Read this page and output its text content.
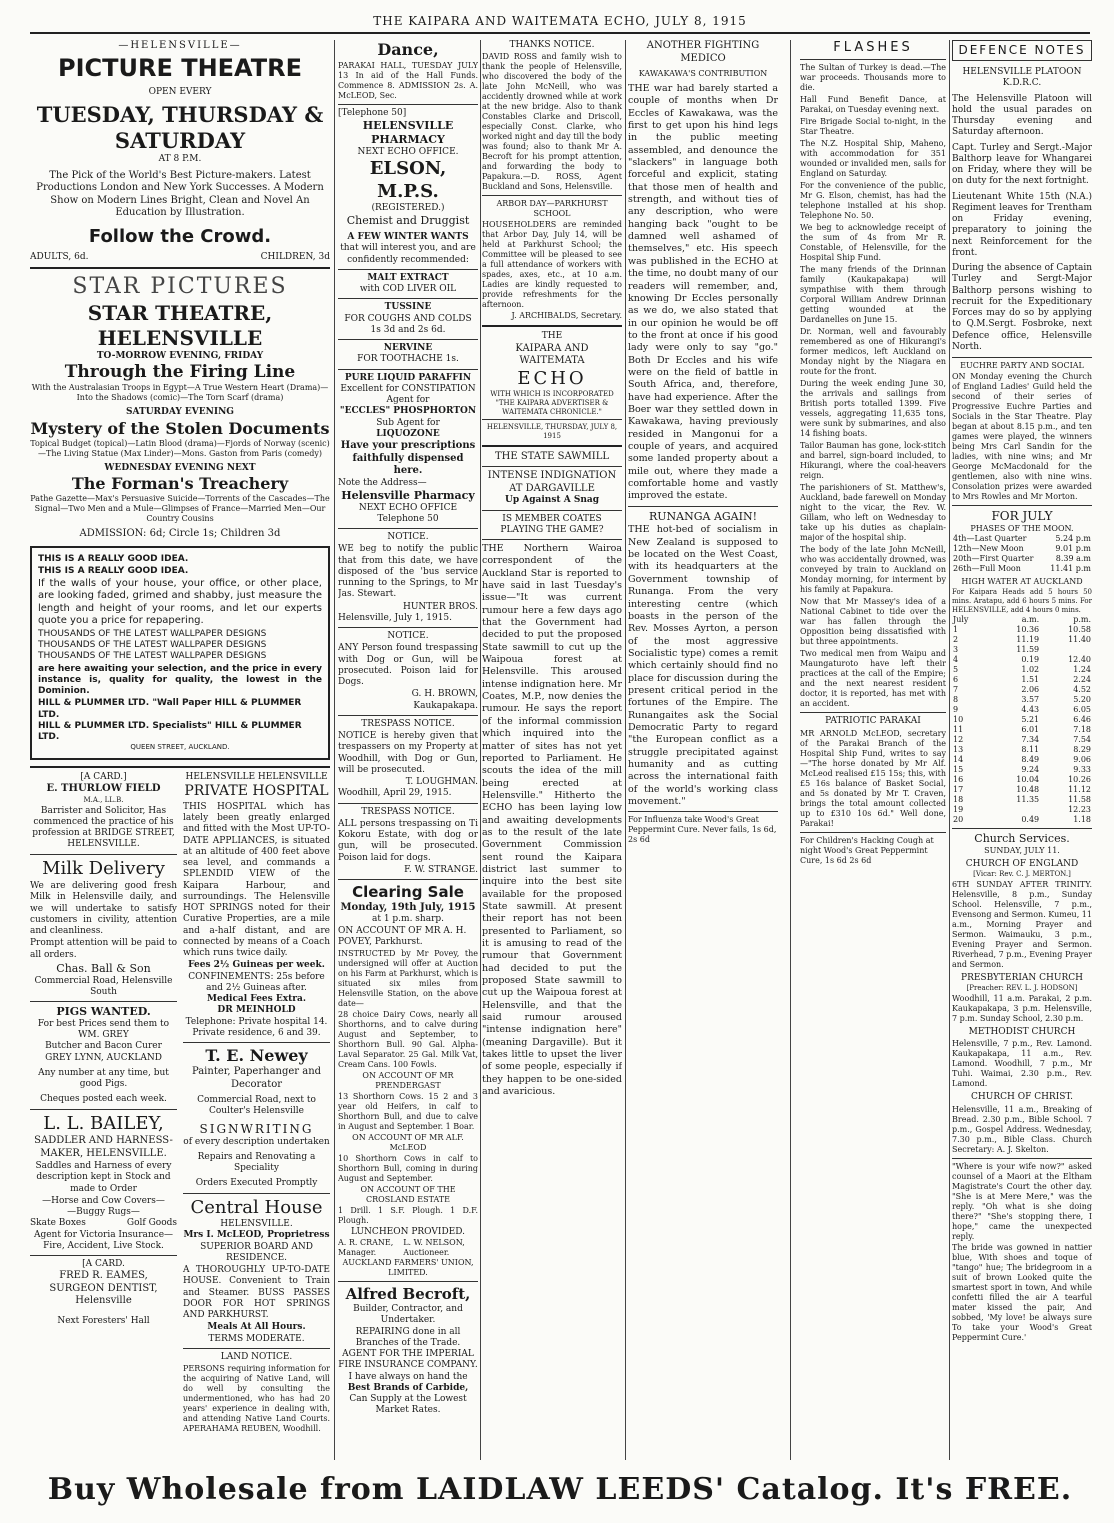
THE KAIPARA AND WAITEMATA ECHO, JULY 8, 1915
—HELENSVILLE—
PICTURE THEATRE
OPEN EVERY
TUESDAY, THURSDAY & SATURDAY
AT 8 P.M.

The Pick of the World's Best Picture-makers. Latest Productions London and New York Successes. A Modern Show on Modern Lines Bright, Clean and Novel An Education by Illustration.

Follow the Crowd.
ADULTS, 6d.	CHILDREN, 3d
STAR PICTURES
STAR THEATRE, HELENSVILLE
TO-MORROW EVENING, FRIDAY
Through the Firing Line
With the Australasian Troops in Egypt—A True Western Heart (Drama)—Into the Shadows (comic)—The Torn Scarf (drama)
SATURDAY EVENING
Mystery of the Stolen Documents
Topical Budget (topical)—Latin Blood (drama)—Fjords of Norway (scenic)—The Living Statue (Max Linder)—Mons. Gaston from Paris (comedy)
WEDNESDAY EVENING NEXT
The Forman's Treachery
Pathe Gazette—Max's Persuasive Suicide—Torrents of the Cascades—The Signal—Two Men and a Mule—Glimpses of France—Married Men—Our Country Cousins
ADMISSION: 6d; Circle 1s; Children 3d
THIS IS A REALLY GOOD IDEA.
THIS IS A REALLY GOOD IDEA.

If the walls of your house, your office, or other place, are looking faded, grimed and shabby, just measure the length and height of your rooms, and let our experts quote you a price for repapering.

THOUSANDS OF THE LATEST WALLPAPER DESIGNS
THOUSANDS OF THE LATEST WALLPAPER DESIGNS
THOUSANDS OF THE LATEST WALLPAPER DESIGNS

are here awaiting your selection, and the price in every instance is, quality for quality, the lowest in the Dominion.

HILL & PLUMMER LTD. "Wall Paper HILL & PLUMMER LTD.
HILL & PLUMMER LTD. Specialists" HILL & PLUMMER LTD.
QUEEN STREET, AUCKLAND.
[A CARD.]
E. THURLOW FIELD
M.A., LL.B.

Barrister and Solicitor, Has commenced the practice of his profession at BRIDGE STREET, HELENSVILLE.

Milk Delivery

We are delivering good fresh Milk in Helensville daily, and we will undertake to satisfy customers in civility, attention and cleanliness.

Prompt attention will be paid to all orders.

Chas. Ball & Son
Commercial Road, Helensville South
PIGS WANTED.
For best Prices send them to
WM. GREY
Butcher and Bacon Curer
GREY LYNN, AUCKLAND
Any number at any time, but good Pigs.
Cheques posted each week.
L. L. BAILEY,
SADDLER AND HARNESS-MAKER, HELENSVILLE.

Saddles and Harness of every description kept in Stock and made to Order

—Horse and Cow Covers—
—Buggy Rugs—
Skate Boxes	Golf Goods
Agent for Victoria Insurance—Fire, Accident, Live Stock.
[A CARD.
FRED R. EAMES,
SURGEON DENTIST,
Helensville
Next Foresters' Hall
HELENSVILLE HELENSVILLE
PRIVATE HOSPITAL

THIS HOSPITAL which has lately been greatly enlarged and fitted with the Most UP-TO-DATE APPLIANCES, is situated at an altitude of 400 feet above sea level, and commands a SPLENDID VIEW of the Kaipara Harbour, and surroundings. The Helensville HOT SPRINGS noted for their Curative Properties, are a mile and a-half distant, and are connected by means of a Coach which runs twice daily.

Fees 2½ Guineas per week.
CONFINEMENTS: 25s before and 2½ Guineas after.
Medical Fees Extra.
DR MEINHOLD
Telephone: Private hospital 14. Private residence, 6 and 39.
T. E. Newey
Painter, Paperhanger and Decorator
Commercial Road, next to Coulter's Helensville
SIGNWRITING
of every description undertaken
Repairs and Renovating a Speciality
Orders Executed Promptly
Central House
HELENSVILLE.
Mrs I. McLEOD, Proprietress
SUPERIOR BOARD AND RESIDENCE.

A THOROUGHLY UP-TO-DATE HOUSE. Convenient to Train and Steamer. BUSS PASSES DOOR FOR HOT SPRINGS AND PARKHURST.

Meals At All Hours.
TERMS MODERATE.
LAND NOTICE.

PERSONS requiring information for the acquiring of Native Land, will do well by consulting the undermentioned, who has had 20 years' experience in dealing with, and attending Native Land Courts. APERAHAMA REUBEN, Woodhill.

Dance,

PARAKAI HALL, TUESDAY JULY 13 In aid of the Hall Funds. Commence 8. ADMISSION 2s. A. McLEOD, Sec.

[Telephone 50]
HELENSVILLE PHARMACY
NEXT ECHO OFFICE.
ELSON, M.P.S.
(REGISTERED.)
Chemist and Druggist
A FEW WINTER WANTS
that will interest you, and are confidently recommended:
MALT EXTRACT
with COD LIVER OIL
TUSSINE
FOR COUGHS AND COLDS 1s 3d and 2s 6d.
NERVINE
FOR TOOTHACHE 1s.
PURE LIQUID PARAFFIN
Excellent for CONSTIPATION
Agent for
"ECCLES" PHOSPHORTON
Sub Agent for
LIQUOZONE
Have your prescriptions faithfully dispensed here.
Note the Address—
Helensville Pharmacy
NEXT ECHO OFFICE
Telephone 50
NOTICE.

WE beg to notify the public that from this date, we have disposed of the 'bus service running to the Springs, to Mr Jas. Stewart.

HUNTER BROS.
Helensville, July 1, 1915.
NOTICE.

ANY Person found trespassing with Dog or Gun, will be prosecuted. Poison laid for Dogs.

G. H. BROWN,
Kaukapakapa.
TRESPASS NOTICE.

NOTICE is hereby given that trespassers on my Property at Woodhill, with Dog or Gun, will be prosecuted.

T. LOUGHMAN.
Woodhill, April 29, 1915.
TRESPASS NOTICE.

ALL persons trespassing on Ti Kokoru Estate, with dog or gun, will be prosecuted. Poison laid for dogs.

F. W. STRANGE.
Clearing Sale
Monday, 19th July, 1915
at 1 p.m. sharp.
ON ACCOUNT OF MR A. H. POVEY, Parkhurst.

INSTRUCTED by Mr Povey, the undersigned will offer at Auction on his Farm at Parkhurst, which is situated six miles from Helensville Station, on the above date—

28 choice Dairy Cows, nearly all Shorthorns, and to calve during August and September, to Shorthorn Bull. 90 Gal. Alpha-Laval Separator. 25 Gal. Milk Vat, Cream Cans. 100 Fowls.

ON ACCOUNT OF MR PRENDERGAST

13 Shorthorn Cows. 15 2 and 3 year old Heifers, in calf to Shorthorn Bull, and due to calve in August and September. 1 Boar.

ON ACCOUNT OF MR ALF. McLEOD

10 Shorthorn Cows in calf to Shorthorn Bull, coming in during August and September.

ON ACCOUNT OF THE CROSLAND ESTATE

1 Drill. 1 S.F. Plough. 1 D.F. Plough.

LUNCHEON PROVIDED.
A. R. CRANE, Manager.
L. W. NELSON, Auctioneer.
AUCKLAND FARMERS' UNION, LIMITED.
Alfred Becroft,
Builder, Contractor, and Undertaker.
REPAIRING done in all Branches of the Trade.
AGENT FOR THE IMPERIAL FIRE INSURANCE COMPANY.
I have always on hand the
Best Brands of Carbide,
Can Supply at the Lowest Market Rates.
THANKS NOTICE.

DAVID ROSS and family wish to thank the people of Helensville, who discovered the body of the late John McNeill, who was accidently drowned while at work at the new bridge. Also to thank Constables Clarke and Driscoll, especially Const. Clarke, who worked night and day till the body was found; also to thank Mr A. Becroft for his prompt attention, and forwarding the body to Papakura.—D. ROSS, Agent Buckland and Sons, Helensville.

ARBOR DAY—PARKHURST SCHOOL

HOUSEHOLDERS are reminded that Arbor Day, July 14, will be held at Parkhurst School; the Committee will be pleased to see a full attendance of workers with spades, axes, etc., at 10 a.m. Ladies are kindly requested to provide refreshments for the afternoon.

J. ARCHIBALDS, Secretary.
THE
KAIPARA AND WAITEMATA
ECHO
WITH WHICH IS INCORPORATED "THE KAIPARA ADVERTISER & WAITEMATA CHRONICLE."
HELENSVILLE, THURSDAY, JULY 8, 1915
THE STATE SAWMILL
INTENSE INDIGNATION AT DARGAVILLE
Up Against A Snag
IS MEMBER COATES PLAYING THE GAME?

THE Northern Wairoa correspondent of the Auckland Star is reported to have said in last Tuesday's issue—"It was current rumour here a few days ago that the Government had decided to put the proposed State sawmill to cut up the Waipoua forest at Helensville. This aroused intense indignation here. Mr Coates, M.P., now denies the rumour. He says the report of the informal commission which inquired into the matter of sites has not yet reported to Parliament. He scouts the idea of the mill being erected at Helensville." Hitherto the ECHO has been laying low and awaiting developments as to the result of the late Government Commission sent round the Kaipara district last summer to inquire into the best site available for the proposed State sawmill. At present their report has not been presented to Parliament, so it is amusing to read of the rumour that Government had decided to put the proposed State sawmill to cut up the Waipoua forest at Helensville, and that the said rumour aroused "intense indignation here" (meaning Dargaville). But it takes little to upset the liver of some people, especially if they happen to be one-sided and avaricious.

ANOTHER FIGHTING MEDICO
KAWAKAWA'S CONTRIBUTION

THE war had barely started a couple of months when Dr Eccles of Kawakawa, was the first to get upon his hind legs in the public meeting assembled, and denounce the "slackers" in language both forceful and explicit, stating that those men of health and strength, and without ties of any description, who were hanging back "ought to be damned well ashamed of themselves," etc. His speech was published in the ECHO at the time, no doubt many of our readers will remember, and, knowing Dr Eccles personally as we do, we also stated that in our opinion he would be off to the front at once if his good lady were only to say "go." Both Dr Eccles and his wife were on the field of battle in South Africa, and, therefore, have had experience. After the Boer war they settled down in Kawakawa, having previously resided in Mangonui for a couple of years, and acquired some landed property about a mile out, where they made a comfortable home and vastly improved the estate.

RUNANGA AGAIN!

THE hot-bed of socialism in New Zealand is supposed to be located on the West Coast, with its headquarters at the Government township of Runanga. From the very interesting centre (which boasts in the person of the Rev. Mosses Ayrton, a person of the most aggressive Socialistic type) comes a remit which certainly should find no place for discussion during the present critical period in the fortunes of the Empire. The Runangaites ask the Social Democratic Party to regard "the European conflict as a struggle precipitated against humanity and as cutting across the international faith of the world's working class movement."

For Influenza take Wood's Great Peppermint Cure. Never fails, 1s 6d, 2s 6d
FLASHES

The Sultan of Turkey is dead.—The war proceeds. Thousands more to die.

Hall Fund Benefit Dance, at Parakai, on Tuesday evening next.

Fire Brigade Social to-night, in the Star Theatre.

The N.Z. Hospital Ship, Maheno, with accommodation for 351 wounded or invalided men, sails for England on Saturday.

For the convenience of the public, Mr G. Elson, chemist, has had the telephone installed at his shop. Telephone No. 50.

We beg to acknowledge receipt of the sum of 4s from Mr R. Constable, of Helensville, for the Hospital Ship Fund.

The many friends of the Drinnan family (Kaukapakapa) will sympathise with them through Corporal William Andrew Drinnan getting wounded at the Dardanelles on June 15.

Dr. Norman, well and favourably remembered as one of Hikurangi's former medicos, left Auckland on Monday night by the Niagara en route for the front.

During the week ending June 30, the arrivals and sailings from British ports totalled 1399. Five vessels, aggregating 11,635 tons, were sunk by submarines, and also 14 fishing boats.

Tailor Bauman has gone, lock-stitch and barrel, sign-board included, to Hikurangi, where the coal-heavers reign.

The parishioners of St. Matthew's, Auckland, bade farewell on Monday night to the vicar, the Rev. W. Gillam, who left on Wednesday to take up his duties as chaplain-major of the hospital ship.

The body of the late John McNeill, who was accidentally drowned, was conveyed by train to Auckland on Monday morning, for interment by his family at Papakura.

Now that Mr Massey's idea of a National Cabinet to tide over the war has fallen through the Opposition being dissatisfied with but three appointments.

Two medical men from Waipu and Maungaturoto have left their practices at the call of the Empire; and the next nearest resident doctor, it is reported, has met with an accident.

PATRIOTIC PARAKAI

MR ARNOLD McLEOD, secretary of the Parakai Branch of the Hospital Ship Fund, writes to say—"The horse donated by Mr Alf. McLeod realised £15 15s; this, with £5 16s balance of Basket Social, and 5s donated by Mr T. Craven, brings the total amount collected up to £310 10s 6d." Well done, Parakai!

For Children's Hacking Cough at night Wood's Great Peppermint Cure, 1s 6d 2s 6d
DEFENCE NOTES
HELENSVILLE PLATOON K.D.R.C.

The Helensville Platoon will hold the usual parades on Thursday evening and Saturday afternoon.

Capt. Turley and Sergt.-Major Balthorp leave for Whangarei on Friday, where they will be on duty for the next fortnight.

Lieutenant White 15th (N.A.) Regiment leaves for Trentham on Friday evening, preparatory to joining the next Reinforcement for the front.

During the absence of Captain Turley and Sergt-Major Balthorp persons wishing to recruit for the Expeditionary Forces may do so by applying to Q.M.Sergt. Fosbroke, next Defence office, Helensville North.

EUCHRE PARTY AND SOCIAL

ON Monday evening the Church of England Ladies' Guild held the second of their series of Progressive Euchre Parties and Socials in the Star Theatre. Play began at about 8.15 p.m., and ten games were played, the winners being Mrs Carl Sandin for the ladies, with nine wins; and Mr George McMacdonald for the gentlemen, also with nine wins. Consolation prizes were awarded to Mrs Rowles and Mr Morton.

FOR JULY
PHASES OF THE MOON.
4th—Last Quarter	5.24 p.m
12th—New Moon	9.01 p.m
20th—First Quarter	8.39 a.m
26th—Full Moon	11.41 p.m
HIGH WATER AT AUCKLAND

For Kaipara Heads add 5 hours 50 mins. Aratapu, add 6 hours 5 mins. For HELENSVILLE, add 4 hours 0 mins.

July	a.m.	p.m.
1	10.36	10.58
2	11.19	11.40
3	11.59	
4	0.19	12.40
5	1.02	1.24
6	1.51	2.24
7	2.06	4.52
8	3.57	5.20
9	4.43	6.05
10	5.21	6.46
11	6.01	7.18
12	7.34	7.54
13	8.11	8.29
14	8.49	9.06
15	9.24	9.33
16	10.04	10.26
17	10.48	11.12
18	11.35	11.58
19		12.23
20	0.49	1.18
Church Services.
SUNDAY, JULY 11.
CHURCH OF ENGLAND
[Vicar: Rev. C. J. MERTON.]

6TH SUNDAY AFTER TRINITY. Helensville, 8 p.m., Sunday School. Helensville, 7 p.m., Evensong and Sermon. Kumeu, 11 a.m., Morning Prayer and Sermon. Waimauku, 3 p.m., Evening Prayer and Sermon. Riverhead, 7 p.m., Evening Prayer and Sermon.

PRESBYTERIAN CHURCH
[Preacher: REV. L. J. HODSON]

Woodhill, 11 a.m. Parakai, 2 p.m. Kaukapakapa, 3 p.m. Helensville, 7 p.m. Sunday School, 2.30 p.m.

METHODIST CHURCH

Helensville, 7 p.m., Rev. Lamond. Kaukapakapa, 11 a.m., Rev. Lamond. Woodhill, 7 p.m., Mr Tuhi. Waimai, 2.30 p.m., Rev. Lamond.

CHURCH OF CHRIST.

Helensville, 11 a.m., Breaking of Bread. 2.30 p.m., Bible School. 7 p.m., Gospel Address. Wednesday, 7.30 p.m., Bible Class. Church Secretary: A. J. Skelton.

"Where is your wife now?" asked counsel of a Maori at the Eltham Magistrate's Court the other day. "She is at Mere Mere," was the reply. "Oh what is she doing there?" "She's stopping there, I hope," came the unexpected reply.

The bride was gowned in nattier blue, With shoes and toque of "tango" hue; The bridegroom in a suit of brown Looked quite the smartest sport in town, And while confetti filled the air A tearful mater kissed the pair, And sobbed, 'My love! be always sure To take your Wood's Great Peppermint Cure.'

Buy Wholesale from LAIDLAW LEEDS' Catalog. It's FREE.
